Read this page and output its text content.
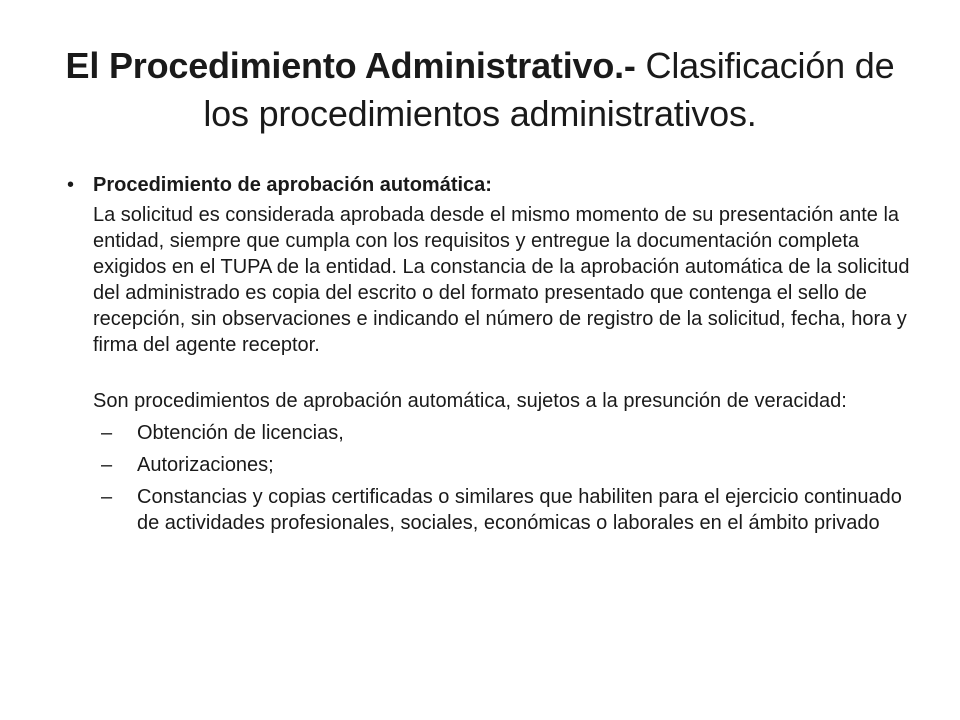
El Procedimiento Administrativo.- Clasificación de los procedimientos administrativos.
• Procedimiento de aprobación automática:

La solicitud es considerada aprobada desde el mismo momento de su presentación ante la entidad, siempre que cumpla con los requisitos y entregue la documentación completa exigidos en el TUPA de la entidad. La constancia de la aprobación automática de la solicitud del administrado es copia del escrito o del formato presentado que contenga el sello de recepción, sin observaciones e indicando el número de registro de la solicitud, fecha, hora y firma del agente receptor.

Son procedimientos de aprobación automática, sujetos a la presunción de veracidad:

– Obtención de licencias,
– Autorizaciones;
– Constancias y copias certificadas o similares que habiliten para el ejercicio continuado de actividades profesionales, sociales, económicas o laborales en el ámbito privado
